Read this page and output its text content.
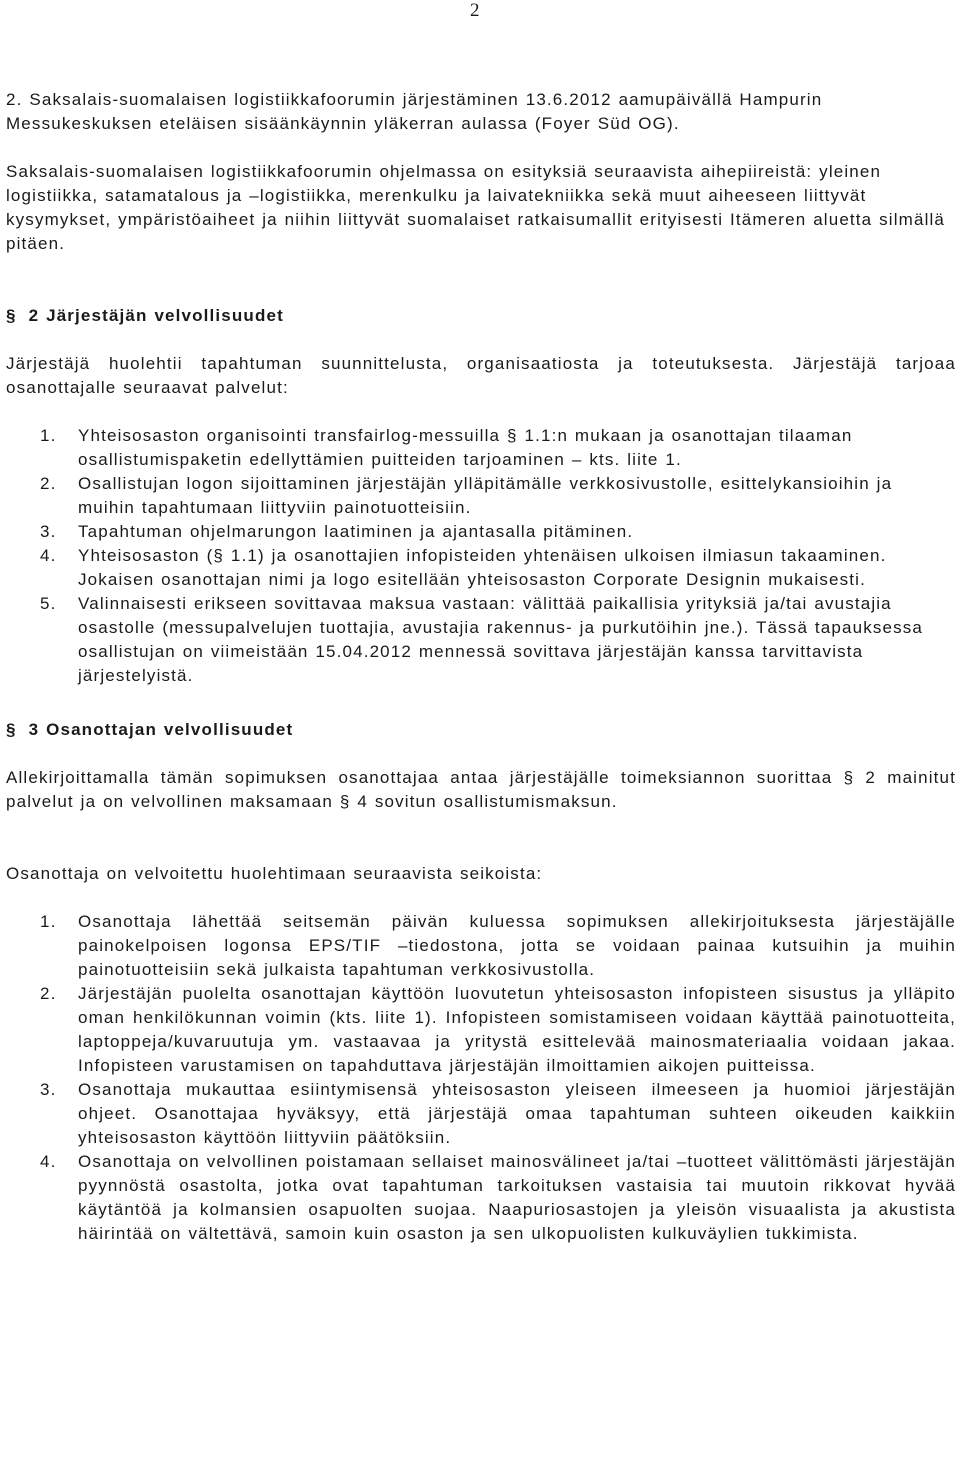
2

2. Saksalais-suomalaisen logistiikkafoorumin järjestäminen 13.6.2012 aamupäivällä Hampurin Messukeskuksen eteläisen sisäänkäynnin yläkerran aulassa (Foyer Süd OG).

Saksalais-suomalaisen logistiikkafoorumin ohjelmassa on esityksiä seuraavista aihepiireistä: yleinen logistiikka, satamatalous ja –logistiikka, merenkulku ja laivatekniikka sekä muut aiheeseen liittyvät kysymykset, ympäristöaiheet ja niihin liittyvät suomalaiset ratkaisumallit erityisesti Itämeren aluetta silmällä pitäen.

§ 2 Järjestäjän velvollisuudet

Järjestäjä huolehtii tapahtuman suunnittelusta, organisaatiosta ja toteutuksesta. Järjestäjä tarjoaa osanottajalle seuraavat palvelut:

1. Yhteisosaston organisointi transfairlog-messuilla § 1.1:n mukaan ja osanottajan tilaaman osallistumispaketin edellyttämien puitteiden tarjoaminen – kts. liite 1.
2. Osallistujan logon sijoittaminen järjestäjän ylläpitämälle verkkosivustolle, esittelykansioihin ja muihin tapahtumaan liittyviin painotuotteisiin.
3. Tapahtuman ohjelmarungon laatiminen ja ajantasalla pitäminen.
4. Yhteisosaston (§ 1.1) ja osanottajien infopisteiden yhtenäisen ulkoisen ilmiasun takaaminen. Jokaisen osanottajan nimi ja logo esitellään yhteisosaston Corporate Designin mukaisesti.
5. Valinnaisesti erikseen sovittavaa maksua vastaan: välittää paikallisia yrityksiä ja/tai avustajia osastolle (messupalvelujen tuottajia, avustajia rakennus- ja purkutöihin jne.). Tässä tapauksessa osallistujan on viimeistään 15.04.2012 mennessä sovittava järjestäjän kanssa tarvittavista järjestelyistä.
§ 3 Osanottajan velvollisuudet

Allekirjoittamalla tämän sopimuksen osanottajaa antaa järjestäjälle toimeksiannon suorittaa § 2 mainitut palvelut ja on velvollinen maksamaan § 4 sovitun osallistumismaksun.

Osanottaja on velvoitettu huolehtimaan seuraavista seikoista:

1. Osanottaja lähettää seitsemän päivän kuluessa sopimuksen allekirjoituksesta järjestäjälle painokelpoisen logonsa EPS/TIF –tiedostona, jotta se voidaan painaa kutsuihin ja muihin painotuotteisiin sekä julkaista tapahtuman verkkosivustolla.
2. Järjestäjän puolelta osanottajan käyttöön luovutetun yhteisosaston infopisteen sisustus ja ylläpito oman henkilökunnan voimin (kts. liite 1). Infopisteen somistamiseen voidaan käyttää painotuotteita, laptoppeja/kuvaruutuja ym. vastaavaa ja yritystä esittelevää mainosmateriaalia voidaan jakaa. Infopisteen varustamisen on tapahduttava järjestäjän ilmoittamien aikojen puitteissa.
3. Osanottaja mukauttaa esiintymisensä yhteisosaston yleiseen ilmeeseen ja huomioi järjestäjän ohjeet. Osanottajaa hyväksyy, että järjestäjä omaa tapahtuman suhteen oikeuden kaikkiin yhteisosaston käyttöön liittyviin päätöksiin.
4. Osanottaja on velvollinen poistamaan sellaiset mainosvälineet ja/tai –tuotteet välittömästi järjestäjän pyynnöstä osastolta, jotka ovat tapahtuman tarkoituksen vastaisia tai muutoin rikkovat hyvää käytäntöä ja kolmansien osapuolten suojaa. Naapuriosastojen ja yleisön visuaalista ja akustista häirintää on vältettävä, samoin kuin osaston ja sen ulkopuolisten kulkuväylien tukkimista.
